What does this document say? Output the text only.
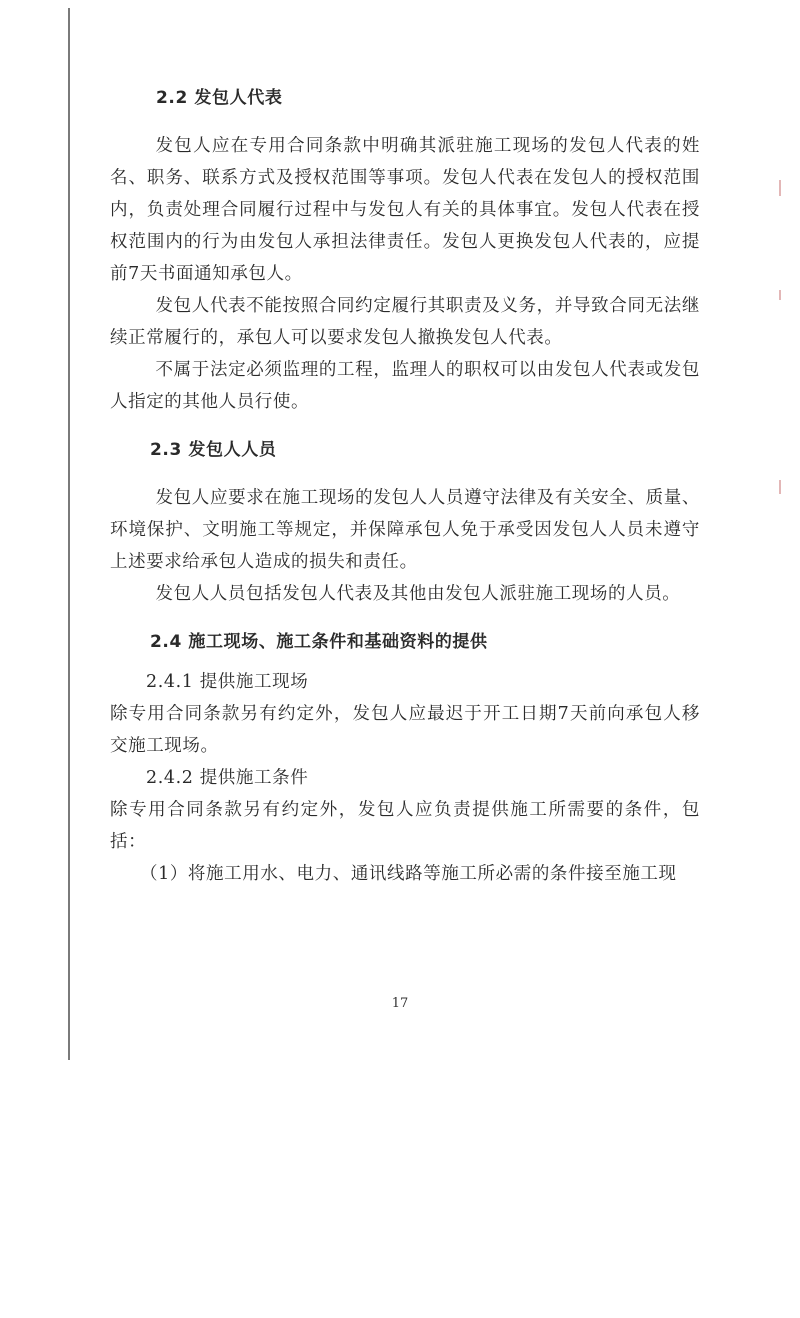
2.2 发包人代表

发包人应在专用合同条款中明确其派驻施工现场的发包人代表的姓名、职务、联系方式及授权范围等事项。发包人代表在发包人的授权范围内，负责处理合同履行过程中与发包人有关的具体事宜。发包人代表在授权范围内的行为由发包人承担法律责任。发包人更换发包人代表的，应提前7天书面通知承包人。

发包人代表不能按照合同约定履行其职责及义务，并导致合同无法继续正常履行的，承包人可以要求发包人撤换发包人代表。

不属于法定必须监理的工程，监理人的职权可以由发包人代表或发包人指定的其他人员行使。

2.3 发包人人员

发包人应要求在施工现场的发包人人员遵守法律及有关安全、质量、环境保护、文明施工等规定，并保障承包人免于承受因发包人人员未遵守上述要求给承包人造成的损失和责任。

发包人人员包括发包人代表及其他由发包人派驻施工现场的人员。

2.4 施工现场、施工条件和基础资料的提供

2.4.1 提供施工现场

除专用合同条款另有约定外，发包人应最迟于开工日期7天前向承包人移交施工现场。

2.4.2 提供施工条件

除专用合同条款另有约定外，发包人应负责提供施工所需要的条件，包括：

（1）将施工用水、电力、通讯线路等施工所必需的条件接至施工现

17
